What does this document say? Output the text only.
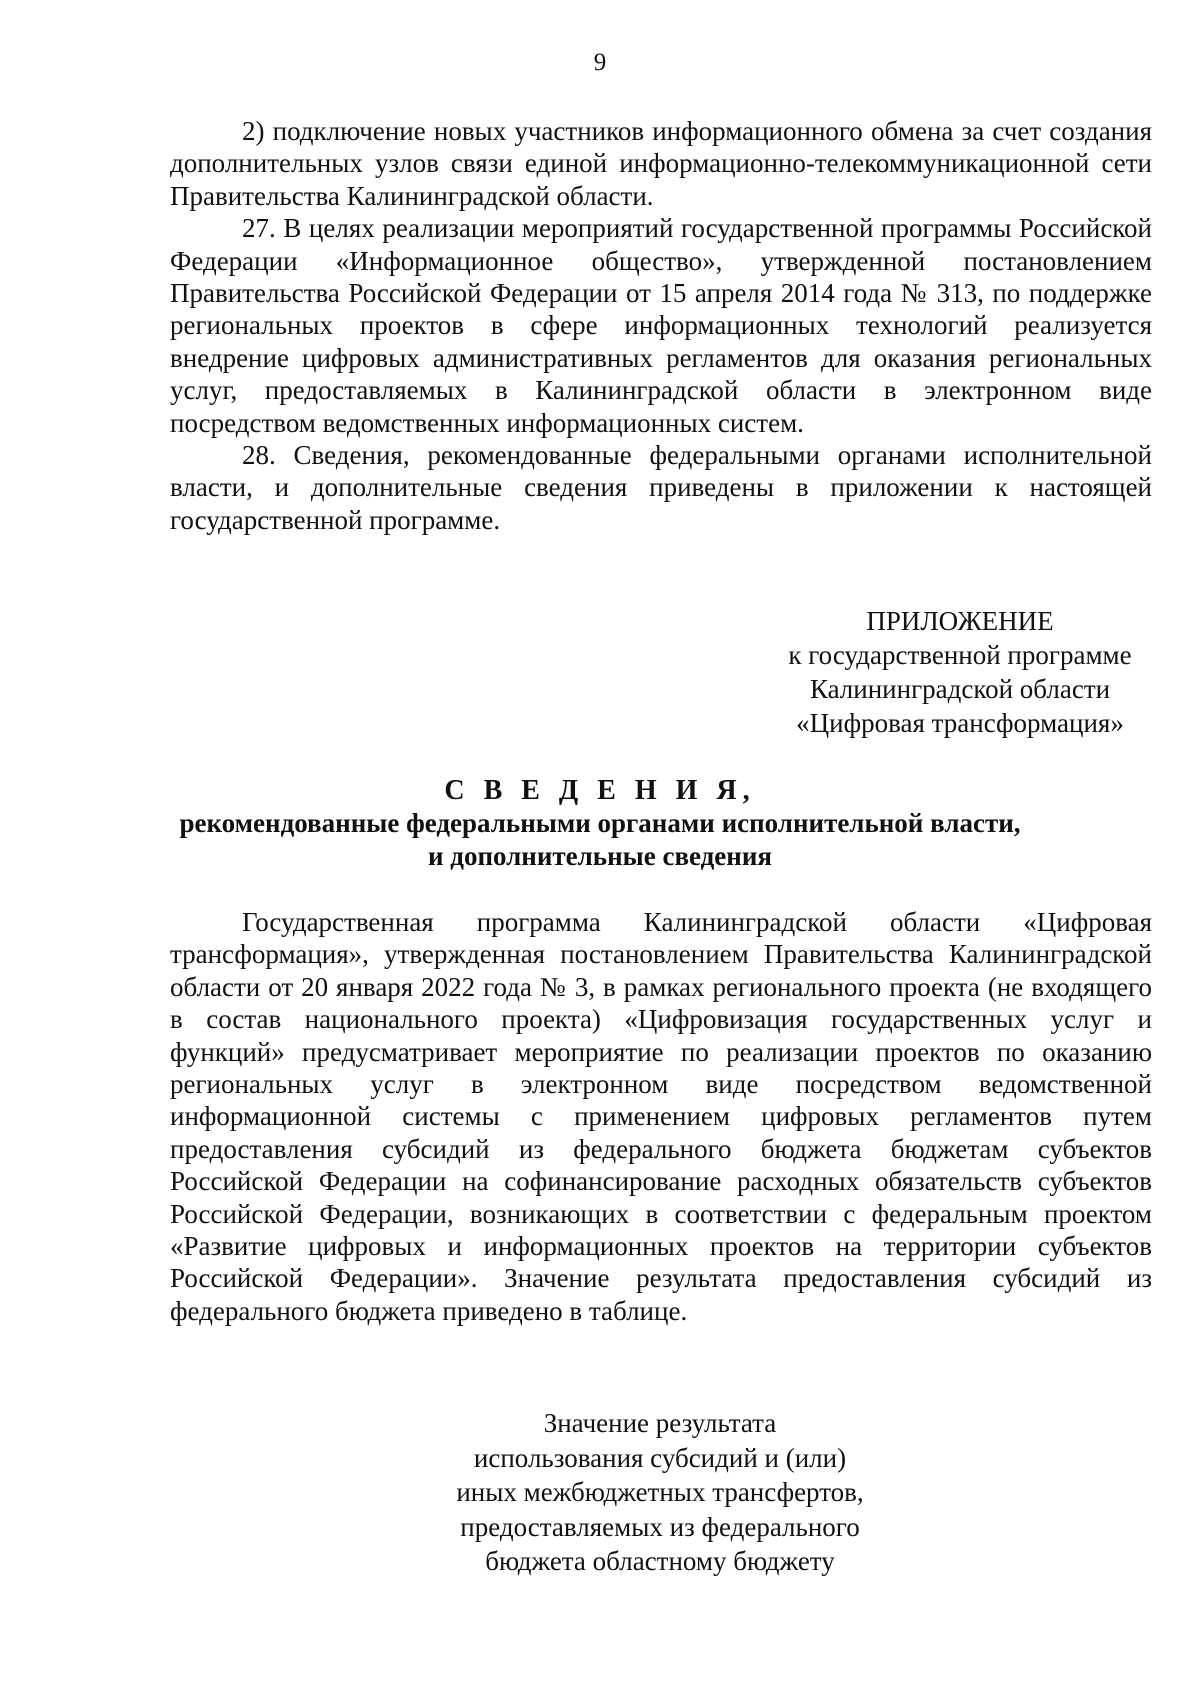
9

2) подключение новых участников информационного обмена за счет создания дополнительных узлов связи единой информационно-телекоммуникационной сети Правительства Калининградской области.

27. В целях реализации мероприятий государственной программы Российской Федерации «Информационное общество», утвержденной постановлением Правительства Российской Федерации от 15 апреля 2014 года № 313, по поддержке региональных проектов в сфере информационных технологий реализуется внедрение цифровых административных регламентов для оказания региональных услуг, предоставляемых в Калининградской области в электронном виде посредством ведомственных информационных систем.

28. Сведения, рекомендованные федеральными органами исполнительной власти, и дополнительные сведения приведены в приложении к настоящей государственной программе.

ПРИЛОЖЕНИЕ
к государственной программе
Калининградской области
«Цифровая трансформация»
С В Е Д Е Н И Я,
рекомендованные федеральными органами исполнительной власти,
и дополнительные сведения

Государственная программа Калининградской области «Цифровая трансформация», утвержденная постановлением Правительства Калининградской области от 20 января 2022 года № 3, в рамках регионального проекта (не входящего в состав национального проекта) «Цифровизация государственных услуг и функций» предусматривает мероприятие по реализации проектов по оказанию региональных услуг в электронном виде посредством ведомственной информационной системы с применением цифровых регламентов путем предоставления субсидий из федерального бюджета бюджетам субъектов Российской Федерации на софинансирование расходных обязательств субъектов Российской Федерации, возникающих в соответствии с федеральным проектом «Развитие цифровых и информационных проектов на территории субъектов Российской Федерации». Значение результата предоставления субсидий из федерального бюджета приведено в таблице.

Значение результата
использования субсидий и (или)
иных межбюджетных трансфертов,
предоставляемых из федерального
бюджета областному бюджету
